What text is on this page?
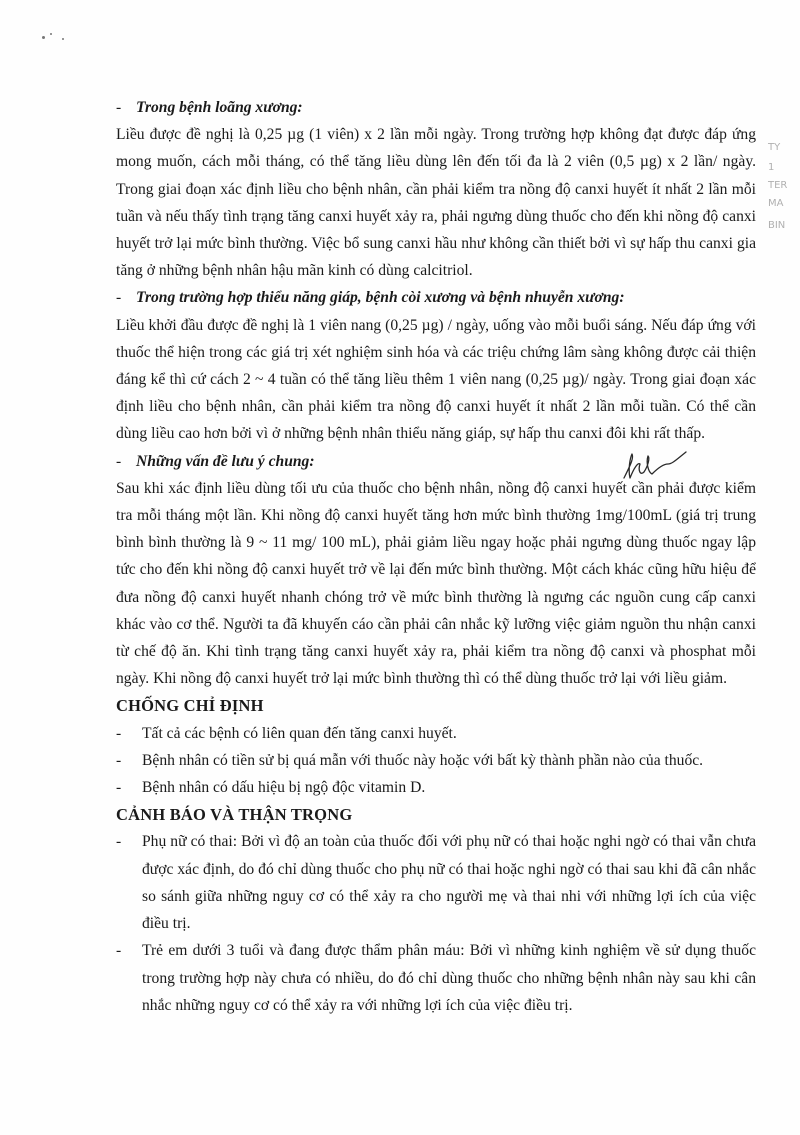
TY
1
TER
MA
BIN

- Trong bệnh loãng xương:

Liều được đề nghị là 0,25 µg (1 viên) x 2 lần mỗi ngày. Trong trường hợp không đạt được đáp ứng mong muốn, cách mỗi tháng, có thể tăng liều dùng lên đến tối đa là 2 viên (0,5 µg) x 2 lần/ ngày. Trong giai đoạn xác định liều cho bệnh nhân, cần phải kiểm tra nồng độ canxi huyết ít nhất 2 lần mỗi tuần và nếu thấy tình trạng tăng canxi huyết xảy ra, phải ngưng dùng thuốc cho đến khi nồng độ canxi huyết trở lại mức bình thường. Việc bổ sung canxi hầu như không cần thiết bởi vì sự hấp thu canxi gia tăng ở những bệnh nhân hậu mãn kinh có dùng calcitriol.

- Trong trường hợp thiểu năng giáp, bệnh còi xương và bệnh nhuyễn xương:

Liều khởi đầu được đề nghị là 1 viên nang (0,25 µg) / ngày, uống vào mỗi buổi sáng. Nếu đáp ứng với thuốc thể hiện trong các giá trị xét nghiệm sinh hóa và các triệu chứng lâm sàng không được cải thiện đáng kể thì cứ cách 2 ~ 4 tuần có thể tăng liều thêm 1 viên nang (0,25 µg)/ ngày. Trong giai đoạn xác định liều cho bệnh nhân, cần phải kiểm tra nồng độ canxi huyết ít nhất 2 lần mỗi tuần. Có thể cần dùng liều cao hơn bởi vì ở những bệnh nhân thiểu năng giáp, sự hấp thu canxi đôi khi rất thấp.

- Những vấn đề lưu ý chung:

Sau khi xác định liều dùng tối ưu của thuốc cho bệnh nhân, nồng độ canxi huyết cần phải được kiểm tra mỗi tháng một lần. Khi nồng độ canxi huyết tăng hơn mức bình thường 1mg/100mL (giá trị trung bình bình thường là 9 ~ 11 mg/ 100 mL), phải giảm liều ngay hoặc phải ngưng dùng thuốc ngay lập tức cho đến khi nồng độ canxi huyết trở về lại đến mức bình thường. Một cách khác cũng hữu hiệu để đưa nồng độ canxi huyết nhanh chóng trở về mức bình thường là ngưng các nguồn cung cấp canxi khác vào cơ thể. Người ta đã khuyến cáo cần phải cân nhắc kỹ lưỡng việc giảm nguồn thu nhận canxi từ chế độ ăn. Khi tình trạng tăng canxi huyết xảy ra, phải kiểm tra nồng độ canxi và phosphat mỗi ngày. Khi nồng độ canxi huyết trở lại mức bình thường thì có thể dùng thuốc trở lại với liều giảm.

CHỐNG CHỈ ĐỊNH

-	Tất cả các bệnh có liên quan đến tăng canxi huyết.

-	Bệnh nhân có tiền sử bị quá mẫn với thuốc này hoặc với bất kỳ thành phần nào của thuốc.

-	Bệnh nhân có dấu hiệu bị ngộ độc vitamin D.

CẢNH BÁO VÀ THẬN TRỌNG

-	Phụ nữ có thai: Bởi vì độ an toàn của thuốc đối với phụ nữ có thai hoặc nghi ngờ có thai vẫn chưa được xác định, do đó chỉ dùng thuốc cho phụ nữ có thai hoặc nghi ngờ có thai sau khi đã cân nhắc so sánh giữa những nguy cơ có thể xảy ra cho người mẹ và thai nhi với những lợi ích của việc điều trị.

-	Trẻ em dưới 3 tuổi và đang được thẩm phân máu: Bởi vì những kinh nghiệm về sử dụng thuốc trong trường hợp này chưa có nhiều, do đó chỉ dùng thuốc cho những bệnh nhân này sau khi cân nhắc những nguy cơ có thể xảy ra với những lợi ích của việc điều trị.
